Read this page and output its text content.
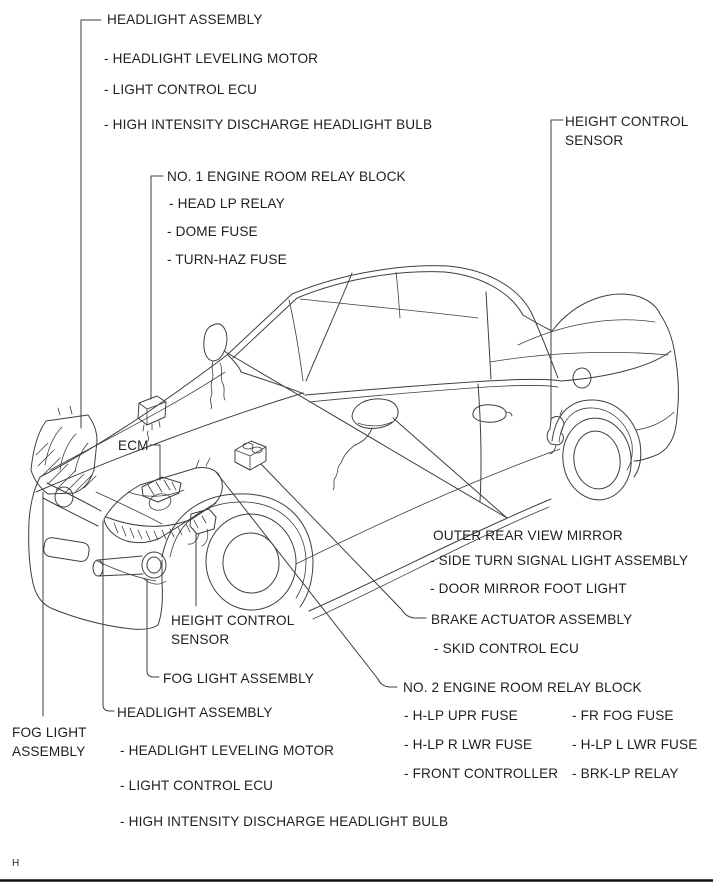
HEADLIGHT ASSEMBLY
- HEADLIGHT LEVELING MOTOR
- LIGHT CONTROL ECU
- HIGH INTENSITY DISCHARGE HEADLIGHT BULB
NO. 1 ENGINE ROOM RELAY BLOCK
- HEAD LP RELAY
- DOME FUSE
- TURN-HAZ FUSE
HEIGHT CONTROL
SENSOR
ECM
OUTER REAR VIEW MIRROR
- SIDE TURN SIGNAL LIGHT ASSEMBLY
- DOOR MIRROR FOOT LIGHT
BRAKE ACTUATOR ASSEMBLY
- SKID CONTROL ECU
NO. 2 ENGINE ROOM RELAY BLOCK
- H-LP UPR FUSE
- H-LP R LWR FUSE
- FRONT CONTROLLER
- FR FOG FUSE
- H-LP L LWR FUSE
- BRK-LP RELAY
HEIGHT CONTROL
SENSOR
FOG LIGHT ASSEMBLY
HEADLIGHT ASSEMBLY
- HEADLIGHT LEVELING MOTOR
- LIGHT CONTROL ECU
- HIGH INTENSITY DISCHARGE HEADLIGHT BULB
FOG LIGHT
ASSEMBLY
H
